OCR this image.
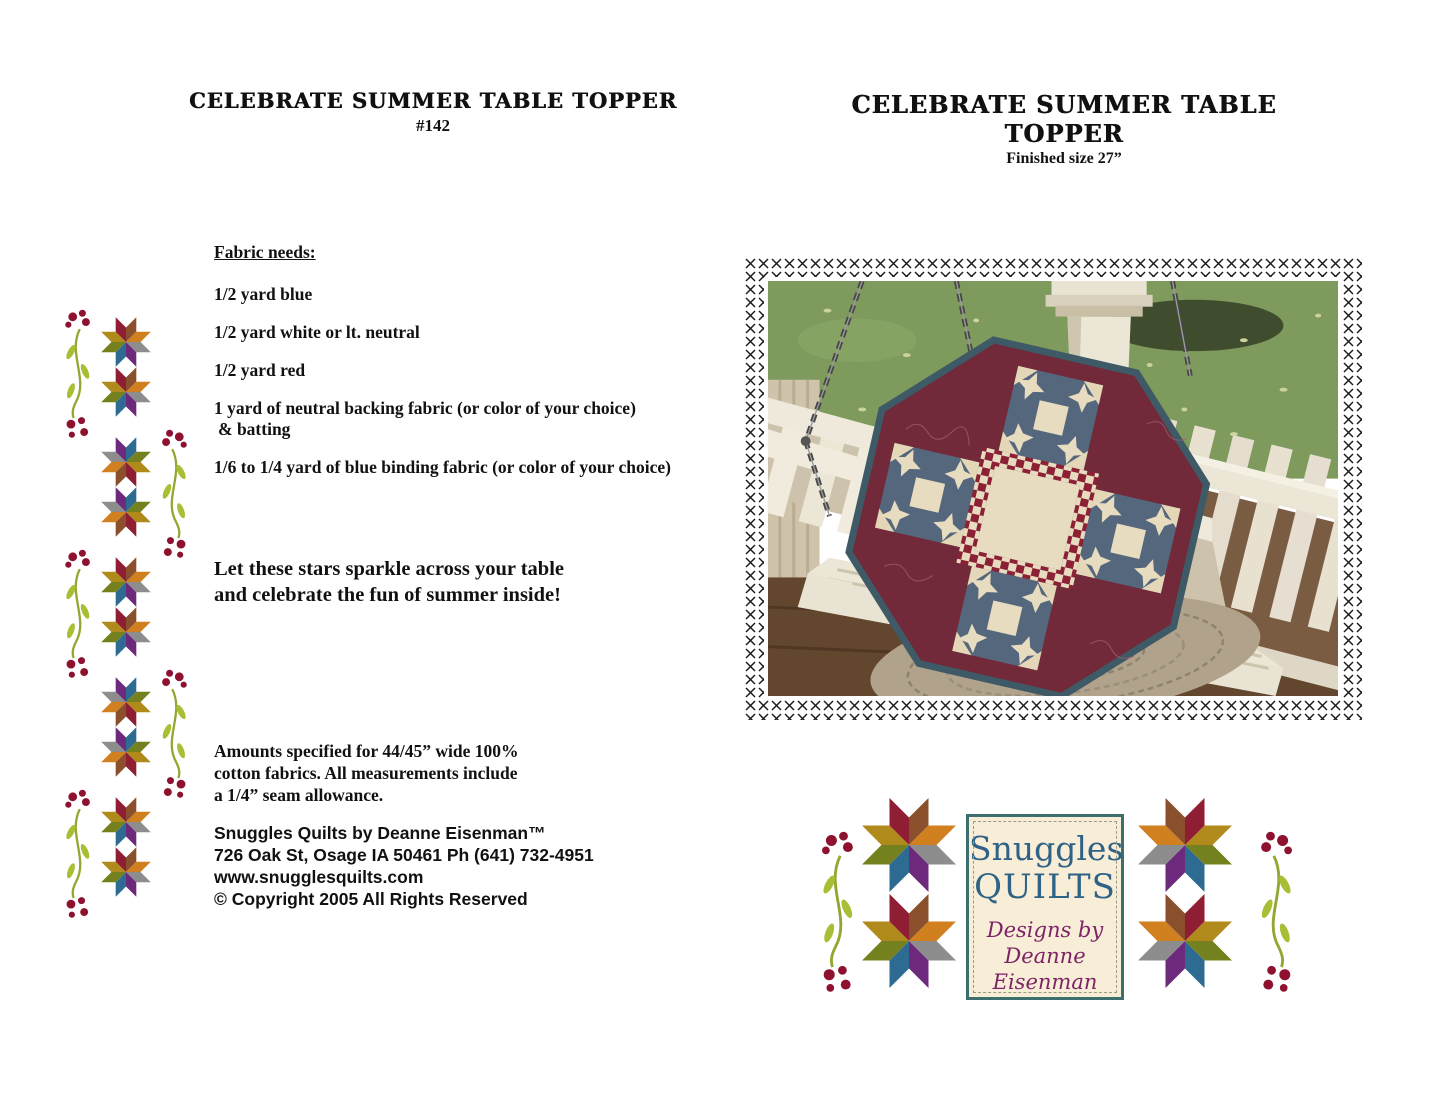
CELEBRATE SUMMER TABLE TOPPER
#142
CELEBRATE SUMMER TABLE TOPPER
Finished size 27”
Fabric needs:

1/2 yard blue

1/2 yard white or lt. neutral

1/2 yard red

1 yard of neutral backing fabric (or color of your choice)

& batting

1/6 to 1/4 yard of blue binding fabric (or color of your choice)

Let these stars sparkle across your table
and celebrate the fun of summer inside!
Amounts specified for 44/45” wide 100%
cotton fabrics. All measurements include
a 1/4” seam allowance.
Snuggles Quilts by Deanne Eisenman™
726 Oak St, Osage IA 50461 Ph (641) 732-4951
www.snugglesquilts.com
© Copyright 2005 All Rights Reserved
Snuggles
QUILTS
Designs by
Deanne Eisenman
